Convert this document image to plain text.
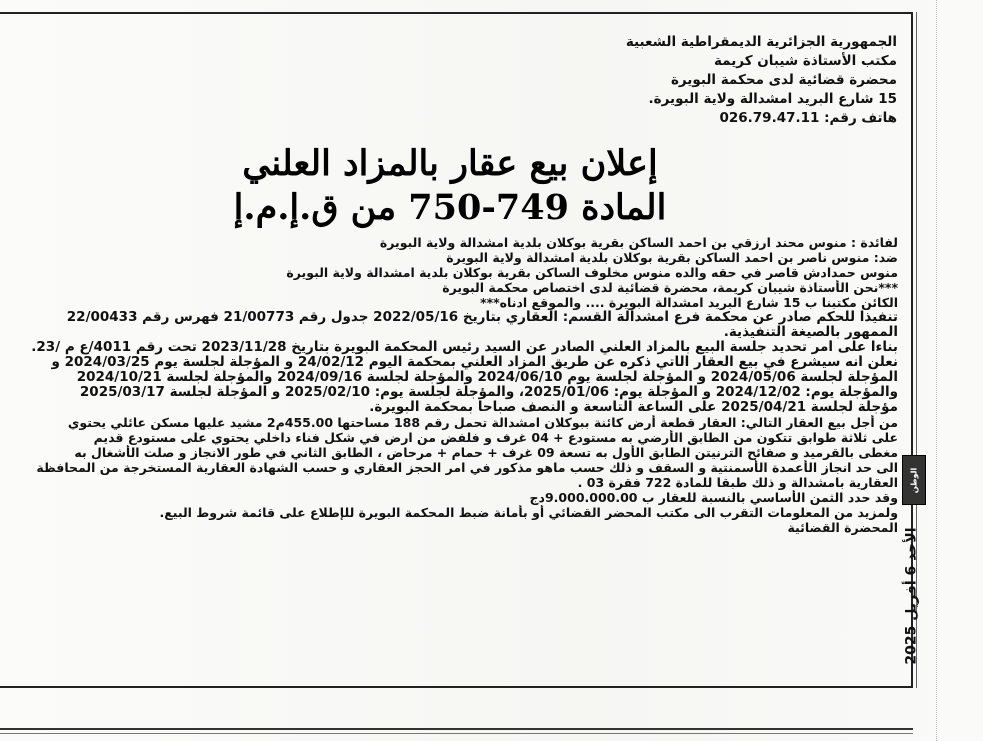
الجمهورية الجزائرية الديمقراطية الشعبية
مكتب الأستاذة شيبان كريمة
محضرة قضائية لدى محكمة البويرة
15 شارع البريد امشدالة ولاية البويرة.
هاتف رقم: 026.79.47.11
إعلان بيع عقار بالمزاد العلني
المادة 749-750 من ق.إ.م.إ
لفائدة : منوس محند ارزقي بن احمد الساكن بقرية بوكلان بلدية امشدالة ولاية البويرة
ضد: منوس ناصر بن احمد الساكن بقرية بوكلان بلدية امشدالة ولاية البويرة
منوس حمدادش قاصر في حقه والده منوس مخلوف الساكن بقرية بوكلان بلدية امشدالة ولاية البويرة
***نحن الأستاذة شيبان كريمة، محضرة قضائية لدى اختصاص محكمة البويرة
الكائن مكتبنا ب 15 شارع البريد امشدالة البويرة .... والموقع ادناه***
تنفيذا للحكم صادر عن محكمة فرع امشدالة القسم: العقاري بتاريخ 2022/05/16 جدول رقم 21/00773 فهرس رقم 22/00433
الممهور بالصيغة التنفيذية.
بناءا على أمر تحديد جلسة البيع بالمزاد العلني الصادر عن السيد رئيس المحكمة البويرة بتاريخ 2023/11/28 تحت رقم 4011/ع م /23.
نعلن أنه سيشرع في بيع العقار الآتي ذكره عن طريق المزاد العلني بمحكمة اليوم 24/02/12 و المؤجلة لجلسة يوم 2024/03/25 و
المؤجلة لجلسة 2024/05/06 و المؤجلة لجلسة يوم 2024/06/10 والمؤجلة لجلسة 2024/09/16 والمؤجلة لجلسة 2024/10/21
والمؤجلة يوم: 2024/12/02 و المؤجلة يوم: 2025/01/06، والمؤجلة لجلسة يوم: 2025/02/10 و المؤجلة لجلسة 2025/03/17
مؤجلة لجلسة 2025/04/21 على الساعة التاسعة و النصف صباحا بمحكمة البويرة.
من أجل بيع العقار التالي: العقار قطعة أرض كائنة ببوكلان امشدالة تحمل رقم 188 مساحتها 455.00م2 مشيد عليها مسكن عائلي يحتوي
على ثلاثة طوابق تتكون من الطابق الأرضي به مستودع + 04 غرف و فلفض من ارض في شكل فناء داخلي يحتوي على مستودع قديم
مغطى بالقرميد و صفائح الترنيتن الطابق الأول به تسعة 09 غرف + حمام + مرحاض ، الطابق الثاني في طور الانجاز و صلت الأشغال به
الى حد انجاز الأعمدة الأسمنتية و السقف و ذلك حسب ماهو مذكور في امر الحجز العقاري و حسب الشهادة العقارية المستخرجة من المحافظة
العقارية بامشدالة و ذلك طبقا للمادة 722 فقرة 03 .
وقد حدد الثمن الأساسي بالنسبة للعقار ب 9.000.000.00دج
ولمزيد من المعلومات التقرب الى مكتب المحضر القضائي أو بأمانة ضبط المحكمة البويرة للإطلاع على قائمة شروط البيع.
المحضرة القضائية
الوطن
الأحد 6 أفريل 2025
